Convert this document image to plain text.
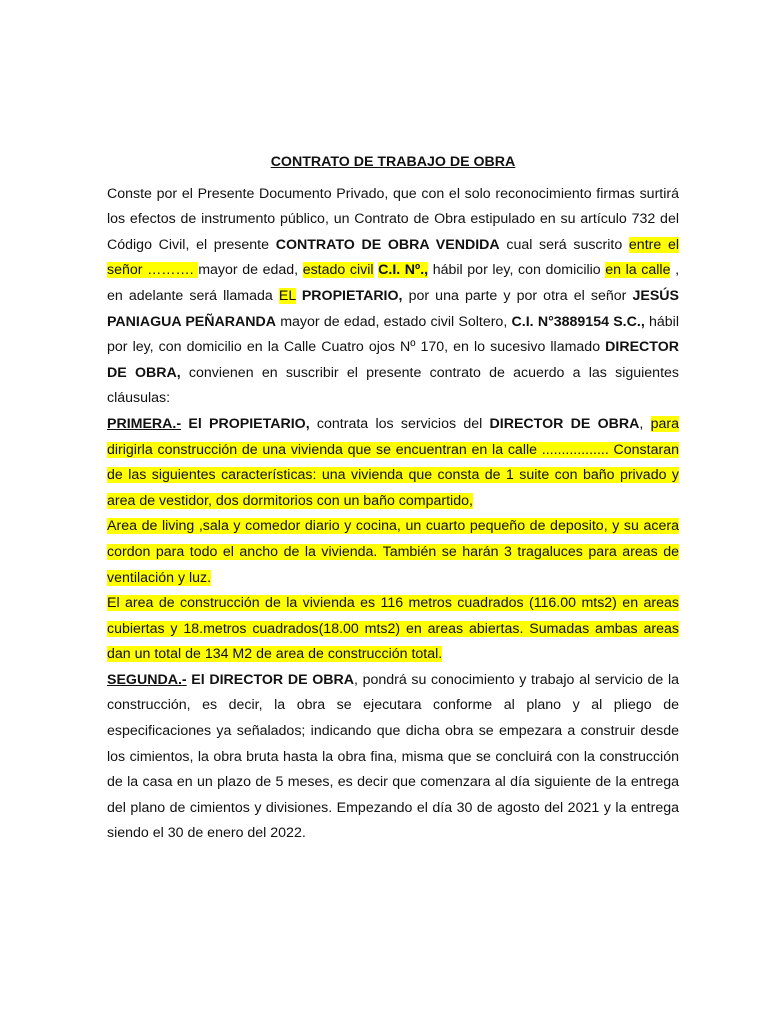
CONTRATO DE TRABAJO DE OBRA

Conste por el Presente Documento Privado, que con el solo reconocimiento firmas surtirá los efectos de instrumento público, un Contrato de Obra estipulado en su artículo 732 del Código Civil, el presente CONTRATO DE OBRA VENDIDA cual será suscrito entre el señor ………. mayor de edad, estado civil C.I. Nº., hábil por ley, con domicilio en la calle , en adelante será llamada EL PROPIETARIO, por una parte y por otra el señor JESÚS PANIAGUA PEÑARANDA mayor de edad, estado civil Soltero, C.I. N°3889154 S.C., hábil por ley, con domicilio en la Calle Cuatro ojos Nº 170, en lo sucesivo llamado DIRECTOR DE OBRA, convienen en suscribir el presente contrato de acuerdo a las siguientes cláusulas:

PRIMERA.- El PROPIETARIO, contrata los servicios del DIRECTOR DE OBRA, para dirigirla construcción de una vivienda que se encuentran en la calle ................. Constaran de las siguientes características: una vivienda que consta de 1 suite con baño privado y area de vestidor, dos dormitorios con un baño compartido,
Area de living ,sala y comedor diario y cocina, un cuarto pequeño de deposito, y su acera cordon para todo el ancho de la vivienda. También se harán 3 tragaluces para areas de ventilación y luz.
El area de construcción de la vivienda es 116 metros cuadrados (116.00 mts2) en areas cubiertas y 18.metros cuadrados(18.00 mts2) en areas abiertas. Sumadas ambas areas dan un total de 134 M2 de area de construcción total.

SEGUNDA.- El DIRECTOR DE OBRA, pondrá su conocimiento y trabajo al servicio de la construcción, es decir, la obra se ejecutara conforme al plano y al pliego de especificaciones ya señalados; indicando que dicha obra se empezara a construir desde los cimientos, la obra bruta hasta la obra fina, misma que se concluirá con la construcción de la casa en un plazo de 5 meses, es decir que comenzara al día siguiente de la entrega del plano de cimientos y divisiones. Empezando el día 30 de agosto del 2021 y la entrega siendo el 30 de enero del 2022.
